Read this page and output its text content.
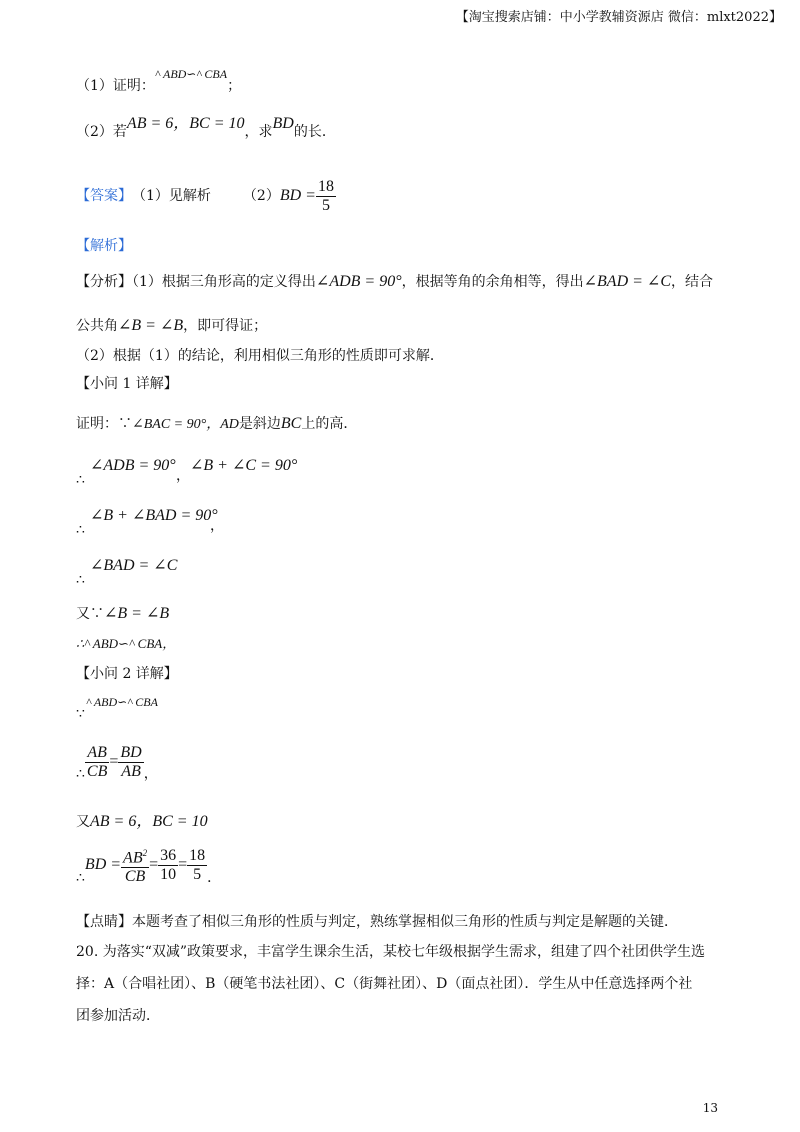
【淘宝搜索店铺：中小学教辅资源店 微信：mlxt2022】
（1）证明：^ ABD∽^ CBA；
（2）若AB = 6，BC = 10，求BD的长．
【答案】 （1）见解析 （2） BD = $\frac{18}{5}$
【解析】
【分析】（1）根据三角形高的定义得出∠ADB = 90°，根据等角的余角相等，得出∠BAD = ∠C，结合
公共角∠B = ∠B，即可得证；
（2）根据（1）的结论，利用相似三角形的性质即可求解．
【小问 1 详解】
证明：∵∠BAC = 90°，AD是斜边BC上的高．
∴
∠ADB = 90°
，
∠B + ∠C = 90°
∴
∠B + ∠BAD = 90°
，
∴
∠BAD = ∠C
又∵∠B = ∠B
∴^ ABD∽^ CBA，
【小问 2 详解】
∵
^ ABD∽^ CBA
∴ $\frac{AB}{CB} = \frac{BD}{AB}$ ，
又AB = 6，BC = 10
∴
BD = $\frac{AB^2}{CB} = \frac{36}{10} = \frac{18}{5}$ ．
【点睛】本题考查了相似三角形的性质与判定，熟练掌握相似三角形的性质与判定是解题的关键．
20. 为落实“双减”政策要求，丰富学生课余生活，某校七年级根据学生需求，组建了四个社团供学生选
择：A（合唱社团）、B（硬笔书法社团）、C（街舞社团）、D（面点社团）．学生从中任意选择两个社
团参加活动．
13
